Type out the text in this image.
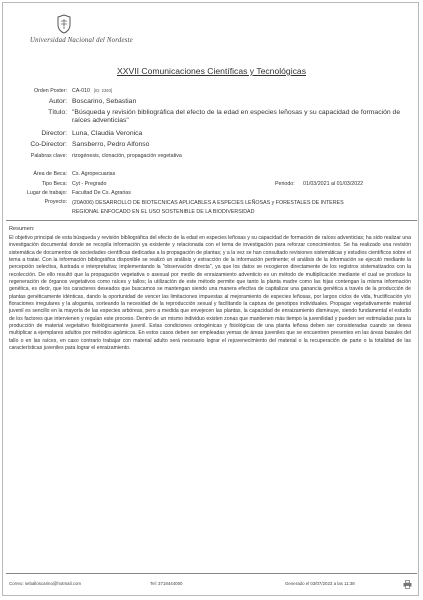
Universidad Nacional del Nordeste
XXVII Comunicaciones Científicas y Tecnológicas
Orden Poster: CA-010 [ID: 2393]
Autor: Boscarino, Sebastian
Título: "Búsqueda y revisión bibliográfica del efecto de la edad en especies leñosas y su capacidad de formación de raíces adventicias"
Director: Luna, Claudia Veronica
Co-Director: Sansberro, Pedro Alfonso
Palabras clave: rizogénesis, clonación, propagación vegetativa
Área de Beca: Cs. Agropecuarias
Tipo Beca: Cyt - Pregrado	Periodo: 01/03/2021 al 01/03/2022
Lugar de trabajo: Facultad De Cs. Agrarias
Proyecto: (20A006) DESARROLLO DE BIOTECNICAS APLICABLES A ESPECIES LEÑOSAS y FORESTALES DE INTERES REGIONAL ENFOCADO EN EL USO SOSTENIBLE DE LA BIODIVERSIDAD
Resumen:
El objetivo principal de esta búsqueda y revisión bibliográfica del efecto de la edad en especies leñosas y su capacidad de formación de raíces adventicias; ha sido realizar una investigación documental donde se recopila información ya existente y relacionada con el tema de investigación para reforzar conocimientos. Se ha realizado una revisión sistemática de documentos de sociedades científicas dedicadas a la propagación de plantas; y a la vez se han consultado revisiones sistemáticas y estudios científicos sobre el tema a tratar. Con la información bibliográfica disponible se realizó un análisis y extracción de la información pertinente; el análisis de la información se ejecutó mediante la percepción selectiva, ilustrada e interpretativa; implementando la "observación directa", ya que los datos se recogieron directamente de los registros sistematizados con la recolección. De ello resultó que la propagación vegetativa o asexual por medio de enraizamiento adventicio es un método de multiplicación mediante el cual se produce la regeneración de órganos vegetativos como raíces y tallos; la utilización de este método permite que tanto la planta madre como las hijas contengan la misma información genética, es decir, que los caracteres deseados que buscamos se mantengan siendo una manera efectiva de capitalizar una ganancia genética a través de la producción de plantas genéticamente idénticas, dando la oportunidad de vencer las limitaciones impuestas al mejoramiento de especies leñosas, por largos ciclos de vida, fructificación y/o floraciones irregulares y la alogamia, sorteando la necesidad de la reproducción sexual y facilitando la captura de genotipos individuales. Propagar vegetativamente material juvenil es sencillo en la mayoría de las especies arbóreas, pero a medida que envejecen las plantas, la capacidad de enraizamiento disminuye, siendo fundamental el estudio de los factores que intervienen y regulan este proceso. Dentro de un mismo individuo existen zonas que mantienen más tiempo la juvenilidad y pueden ser estimuladas para la producción de material vegetativo fisiológicamente juvenil. Estas condiciones ontogénicas y fisiológicas de una planta leñosa deben ser consideradas cuando se desea multiplicar a ejemplares adultos por métodos agámicos. En estos casos deben ser empleadas yemas de áreas juveniles que se encuentren presentes en las áreas basales del tallo o en las raíces, en caso contrario trabajar con material adulto será necesario lograr el rejuvenecimiento del material o la recuperación de parte o la totalidad de las características juveniles para lograr el enraizamiento.
Correo: seballoscarino@hotmail.com	Tel: 3718444000	Generado el 03/07/2023 a las 11:38
